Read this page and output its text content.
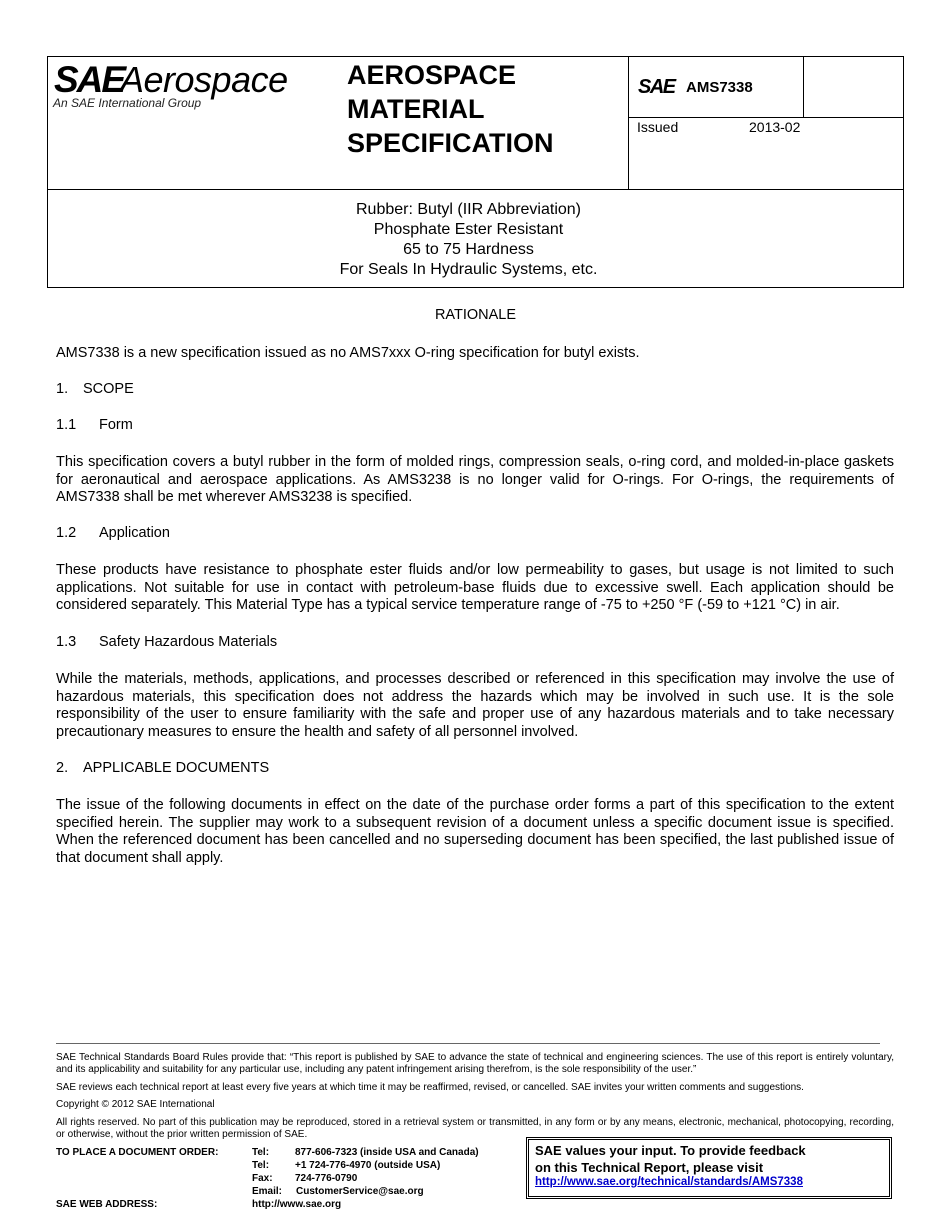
SAE
Aerospace
An SAE International Group
AEROSPACE
MATERIAL
SPECIFICATION
SAE AMS7338
Issued	2013-02
Rubber: Butyl (IIR Abbreviation)
Phosphate Ester Resistant
65 to 75 Hardness
For Seals In Hydraulic Systems, etc.
RATIONALE
AMS7338 is a new specification issued as no AMS7xxx O-ring specification for butyl exists.
1. SCOPE
1.1 Form
This specification covers a butyl rubber in the form of molded rings, compression seals, o-ring cord, and molded-in-place gaskets for aeronautical and aerospace applications. As AMS3238 is no longer valid for O-rings. For O-rings, the requirements of AMS7338 shall be met wherever AMS3238 is specified.
1.2 Application
These products have resistance to phosphate ester fluids and/or low permeability to gases, but usage is not limited to such applications. Not suitable for use in contact with petroleum-base fluids due to excessive swell. Each application should be considered separately. This Material Type has a typical service temperature range of -75 to +250 °F (-59 to +121 °C) in air.
1.3 Safety Hazardous Materials
While the materials, methods, applications, and processes described or referenced in this specification may involve the use of hazardous materials, this specification does not address the hazards which may be involved in such use. It is the sole responsibility of the user to ensure familiarity with the safe and proper use of any hazardous materials and to take necessary precautionary measures to ensure the health and safety of all personnel involved.
2. APPLICABLE DOCUMENTS
The issue of the following documents in effect on the date of the purchase order forms a part of this specification to the extent specified herein. The supplier may work to a subsequent revision of a document unless a specific document issue is specified. When the referenced document has been cancelled and no superseding document has been specified, the last published issue of that document shall apply.
SAE Technical Standards Board Rules provide that: “This report is published by SAE to advance the state of technical and engineering sciences. The use of this report is entirely voluntary, and its applicability and suitability for any particular use, including any patent infringement arising therefrom, is the sole responsibility of the user.”
SAE reviews each technical report at least every five years at which time it may be reaffirmed, revised, or cancelled. SAE invites your written comments and suggestions.
Copyright © 2012 SAE International
All rights reserved. No part of this publication may be reproduced, stored in a retrieval system or transmitted, in any form or by any means, electronic, mechanical, photocopying, recording, or otherwise, without the prior written permission of SAE.
TO PLACE A DOCUMENT ORDER:	Tel:	877-606-7323 (inside USA and Canada)
Tel:	+1 724-776-4970 (outside USA)
Fax: 724-776-0790
Email: CustomerService@sae.org
SAE WEB ADDRESS:	http://www.sae.org
SAE values your input. To provide feedback
on this Technical Report, please visit
http://www.sae.org/technical/standards/AMS7338
